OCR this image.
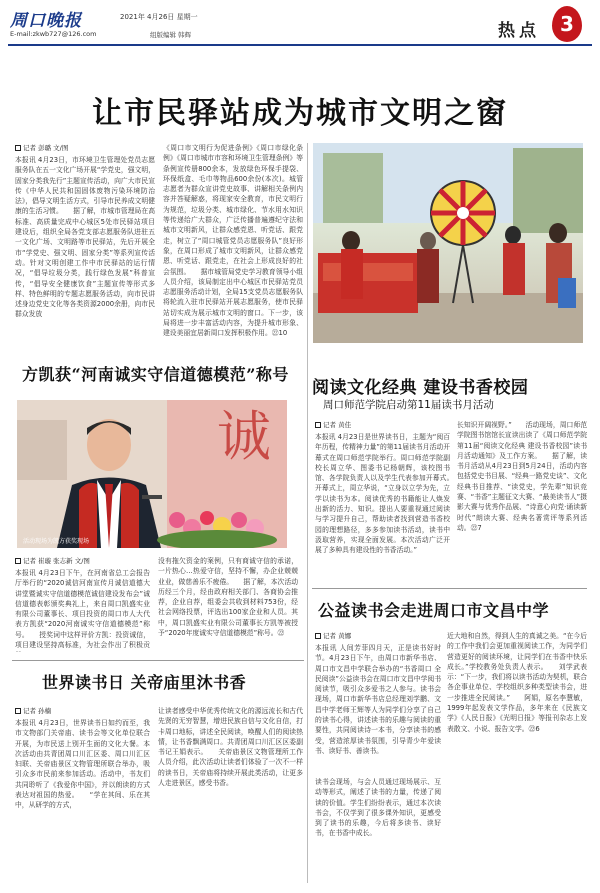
周口晚报
E-mail:zkwb727@126.com
2021年 4月26日 星期一
组版编辑 韩辉	热点	3
让市民驿站成为城市文明之窗
记者 彭璐 文/图
本报讯 4月23日，市环境卫生管理处党员志愿服务队在五一文化广场开展“学党史，强文明，固家分类我先行”主题宣传活动，向广大市民宣传《中华人民共和国固体废物污染环境防治法》，倡导文明生活方式，引导市民养成文明健康的生活习惯。　　据了解，市城市管理局在高标准、高质量完成中心城区5处市民驿站项目建设后，组织全局各党支部志愿服务队进驻五一文化广场、文明路等市民驿站，先后开展全市“学党史、强文明、固家分类”等系列宣传活动。针对文明创建工作中市民驿站的运行情况，“倡导垃圾分类，践行绿色发展”科普宣传，“倡导安全健康饮食”主题宣传等形式多样、特色鲜明的专题志愿服务活动，向市民讲述身边党史文化等各类资源2000余册，向市民群众发放
《周口市文明行为促进条例》《周口市绿化条例》《周口市城市市容和环境卫生管理条例》等条例宣传册800余本，发放绿色环保手提袋、环保纸盒、毛巾等物品600余份(本次)。城管志愿者为群众宣讲党史故事、讲解相关条例内容并答疑解惑，将现家安全教育，市民文明行为规范，垃圾分类、城市绿化、节水用水知识等传递给广大群众，广泛传播普遍遵纪守法和城市文明新风，让群众感党恩、听党话、跟党走，树立了“周口城管党员志愿服务队”良好形象，在周口形成了城市文明新风，让群众感党恩、听党话、跟党走，在社会上形成良好的社会氛围。　　据市城管局党史学习教育领导小组人员介绍，该局制定出中心城区市民驿站党员志愿服务活动计划，全局15支党员志愿服务队将轮流入驻市民驿站开展志愿服务，使市民驿站切实成为展示城市文明的窗口。下一步，该局将进一步丰富活动内容，为提升城市形象、建设美丽宜居新周口发挥积极作用。㉒10
方凯获“河南诚实守信道德模范”称号
诚
活动现场为凯方获奖现场
记者 崔璇 张志新 文/图
本报讯 4月23日下午，在河南省总工会报告厅举行的“2020诚信河南宣传月诚信道德大讲堂暨诚实守信道德模范诚信建设发布会”诚信道德表彰颁奖典礼上，来自周口凯盛实业有限公司董事长、项目投资的周口市人大代表方凯获“2020河南诚实守信道德模范”称号。　　授奖词中这样评价方凯：投资诚信，项目建设坚持高标准，为社会作出了积极贡
没有拖欠资金的案例，只有商诚守信的承诺，一片热心…热爱守信，坚持不懈，办企业兢兢业业，做慈善乐不疲倦。　　据了解，本次活动历经三个月，经由政府相关部门、各商协会推荐，企业自荐，组委会共收到材料753份，经社会网络投票，评选出100家企业和人员。其中，周口凯盛实业有限公司董事长方凯等被授予“2020年度诚实守信道德模范”称号。㉒
阅读文化经典 建设书香校园
周口师范学院启动第11届读书月活动
记者 黄佳
本报讯 4月23日是世界读书日，主题为“阅百年历程，传精神力量”的第11届读书月活动开幕式在周口师范学院举行。周口师范学院副校长周立华、图委书记杨朝辉，该校图书馆、各学院负责人以及学生代表参加开幕式。　　开幕式上，周立华说，“立身以立学为先，立学以读书为本。阅读优秀的书籍能让人焕发出新的活力、知识。提出人要重视通过阅读与学习提升自己，帮助读者找到营造书香校园的理想路径，多多参加读书活动，读书中汲取营养，实现全面发展。本次活动广泛开展了多种具有建设性的书香活动。”
长知识开阔视野。”　　活动现场，周口师范学院图书馆馆长宣读出读了《周口师范学院第11届“阅读文化经典 建设书香校园”读书月活动通知》及工作方案。　　据了解，读书月活动从4月23日到5月24日，活动内容包括党史书目展、“经典一路党史谈”、文化经典书目推荐、“读党史，学先辈”知识竞赛、“书香”主题征文大赛、“最美读书人”摄影大赛与优秀作品展、“诗意心向党·诵读新时代”朗读大赛、经典名著赏评等系列活动。㉒7
公益读书会走进周口市文昌中学
记者 黄娜
本报讯 人间芳菲四月天，正是读书好时节。4月23日下午，由周口市新华书店、周口市文昌中学联合举办的“书香周口 全民阅读”公益读书会在周口市文昌中学阅书阅读节，吸引众多爱书之人参与。读书会现场，周口市新华书店总经理刘学鹏、文昌中学老师王辉等人为同学们分享了自己的读书心得，讲述读书的乐趣与阅读的重要性，共同阅读诗一本书，分享读书的感受，营造浓厚读书氛围，引导青少年爱读书、读好书、善读书。
读书会现场，与会人员通过现场展示、互动等形式，阐述了读书的力量，传递了阅读的价值。学生们纷纷表示，通过本次读书会，不仅学到了很多课外知识，更感受到了读书的乐趣，今后将多读书、读好书，在书香中成长。
近大地和自然，得到人生的真诚之美。“在今后的工作中我们会更加重视阅读工作，为同学们营造更好的阅读环境，让同学们在书香中快乐成长。”学校教务处负责人表示。　　刘学武表示：“下一步，我们将以读书活动为契机，联合各企事业单位、学校组织多种类型读书会，进一步推进全民阅读。”　　阿娟，原名李慧敏，1999年起发表文学作品，多年来在《民族文学》《人民日报》《光明日报》等报刊杂志上发表散文、小说、报告文学。㉒6
世界读书日 关帝庙里沐书香
记者 孙楠
本报讯 4月23日，世界读书日如约而至，我市文物部门关帝庙、读书会等文化单位联合开展，为市民送上别开生面的文化大餐。本次活动由共青团周口川汇区委、周口川汇区妇联、关帝庙景区文物管理所联合举办，吸引众多市民前来参加活动。活动中，书友们共同聆听了《我爱你中国》，并以朗读的方式表达对祖国的热爱。　　“学在其间、乐在其中，从研学的方式，
让读者感受中华优秀传统文化的源远流长和古代先贤的无穷智慧，增进民族自信与文化自信，打卡周口地标，讲述全民阅读，唤醒人们的阅读热情，让书香飘满周口。共青团周口川汇区区委副书记王娟表示。　　关帝庙景区文物管理所工作人员介绍，此次活动让读者们体验了一次不一样的读书日，关帝庙将持续开展此类活动，让更多人走进景区，感受书香。
